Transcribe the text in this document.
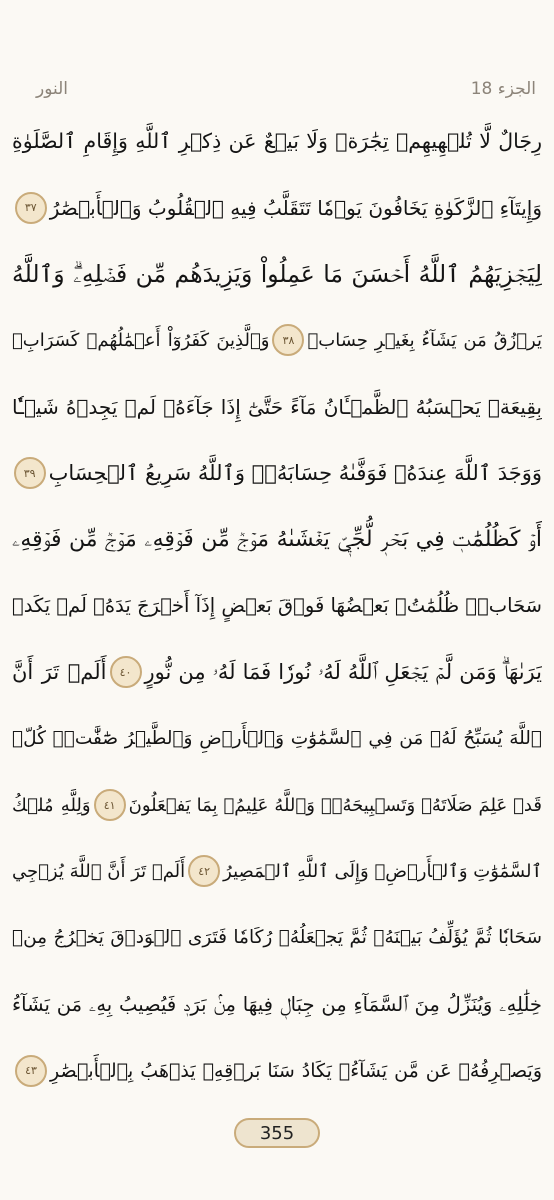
النور	الجزء 18
رِجَالٌ لَّا تُلۡهِيهِمۡ تِجَٰرَةٞ وَلَا بَيۡعٌ عَن ذِكۡرِ ٱللَّهِ وَإِقَامِ ٱلصَّلَوٰةِ
وَإِيتَآءِ ٱلزَّكَوٰةِ يَخَافُونَ يَوۡمٗا تَتَقَلَّبُ فِيهِ ٱلۡقُلُوبُ وَٱلۡأَبۡصَٰرُ
٣٧
لِيَجۡزِيَهُمُ ٱللَّهُ أَحۡسَنَ مَا عَمِلُواْ وَيَزِيدَهُم مِّن فَضۡلِهِۦۗ وَٱللَّهُ
يَرۡزُقُ مَن يَشَآءُ بِغَيۡرِ حِسَابٖ
٣٨
وَٱلَّذِينَ كَفَرُوٓاْ أَعۡمَٰلُهُمۡ كَسَرَابِۭ
بِقِيعَةٖ يَحۡسَبُهُ ٱلظَّمۡـَٔانُ مَآءً حَتَّىٰٓ إِذَا جَآءَهُۥ لَمۡ يَجِدۡهُ شَيۡـٔٗا
وَوَجَدَ ٱللَّهَ عِندَهُۥ فَوَفَّىٰهُ حِسَابَهُۥۗ وَٱللَّهُ سَرِيعُ ٱلۡحِسَابِ
٣٩
أَوۡ كَظُلُمَٰتٖ فِي بَحۡرٖ لُّجِّيّٖ يَغۡشَىٰهُ مَوۡجٞ مِّن فَوۡقِهِۦ مَوۡجٞ مِّن فَوۡقِهِۦ
سَحَابٞۚ ظُلُمَٰتُۢ بَعۡضُهَا فَوۡقَ بَعۡضٍ إِذَآ أَخۡرَجَ يَدَهُۥ لَمۡ يَكَدۡ
يَرَىٰهَاۗ وَمَن لَّمۡ يَجۡعَلِ ٱللَّهُ لَهُۥ نُورٗا فَمَا لَهُۥ مِن نُّورٍ
٤٠
أَلَمۡ تَرَ أَنَّ
ٱللَّهَ يُسَبِّحُ لَهُۥ مَن فِي ٱلسَّمَٰوَٰتِ وَٱلۡأَرۡضِ وَٱلطَّيۡرُ صَٰٓفَّٰتٖۖ كُلّٞ
قَدۡ عَلِمَ صَلَاتَهُۥ وَتَسۡبِيحَهُۥۗ وَٱللَّهُ عَلِيمُۢ بِمَا يَفۡعَلُونَ
٤١
وَلِلَّهِ مُلۡكُ
ٱلسَّمَٰوَٰتِ وَٱلۡأَرۡضِۖ وَإِلَى ٱللَّهِ ٱلۡمَصِيرُ
٤٢
أَلَمۡ تَرَ أَنَّ ٱللَّهَ يُزۡجِي
سَحَابٗا ثُمَّ يُؤَلِّفُ بَيۡنَهُۥ ثُمَّ يَجۡعَلُهُۥ رُكَامٗا فَتَرَى ٱلۡوَدۡقَ يَخۡرُجُ مِنۡ
خِلَٰلِهِۦ وَيُنَزِّلُ مِنَ ٱلسَّمَآءِ مِن جِبَالٖ فِيهَا مِنۢ بَرَدٖ فَيُصِيبُ بِهِۦ مَن يَشَآءُ
وَيَصۡرِفُهُۥ عَن مَّن يَشَآءُۖ يَكَادُ سَنَا بَرۡقِهِۦ يَذۡهَبُ بِٱلۡأَبۡصَٰرِ
٤٣
355
